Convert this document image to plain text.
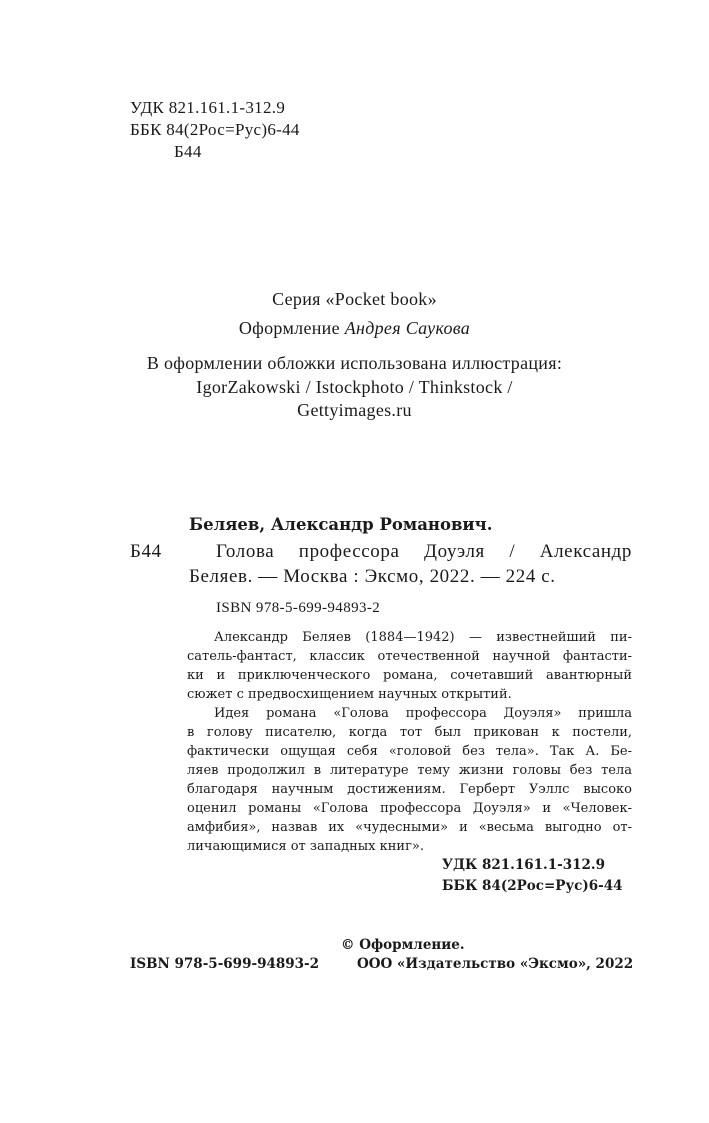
УДК 821.161.1-312.9
ББК 84(2Рос=Рус)6-44
Б44
Серия «Pocket book»
Оформление Андрея Саукова
В оформлении обложки использована иллюстрация:
IgorZakowski / Istockphoto / Thinkstock /
Gettyimages.ru
Беляев, Александр Романович.
Б44	Голова профессора Доуэля / Александр
Беляев. — Москва : Эксмо, 2022. — 224 с.
ISBN 978-5-699-94893-2

Александр Беляев (1884—1942) — известнейший пи-
сатель-фантаст, классик отечественной научной фантасти-
ки и приключенческого романа, сочетавший авантюрный
сюжет с предвосхищением научных открытий.

Идея романа «Голова профессора Доуэля» пришла
в голову писателю, когда тот был прикован к постели,
фактически ощущая себя «головой без тела». Так А. Бе-
ляев продолжил в литературе тему жизни головы без тела
благодаря научным достижениям. Герберт Уэллс высоко
оценил романы «Голова профессора Доуэля» и «Человек-
амфибия», назвав их «чудесными» и «весьма выгодно от-
личающимися от западных книг».

УДК 821.161.1-312.9
ББК 84(2Рос=Рус)6-44
© Оформление.
ISBN 978-5-699-94893-2	ООО «Издательство «Эксмо», 2022
